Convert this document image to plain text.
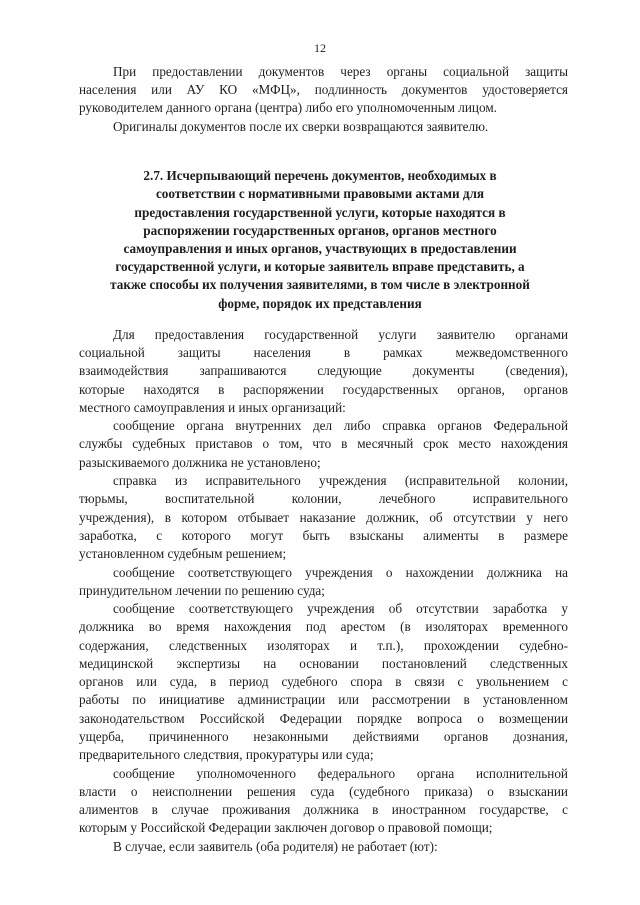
12
При предоставлении документов через органы социальной защиты
населения или АУ КО «МФЦ», подлинность документов удостоверяется
руководителем данного органа (центра) либо его уполномоченным лицом.
Оригиналы документов после их сверки возвращаются заявителю.
2.7. Исчерпывающий перечень документов, необходимых в
соответствии с нормативными правовыми актами для
предоставления государственной услуги, которые находятся в
распоряжении государственных органов, органов местного
самоуправления и иных органов, участвующих в предоставлении
государственной услуги, и которые заявитель вправе представить, а
также способы их получения заявителями, в том числе в электронной
форме, порядок их представления
Для предоставления государственной услуги заявителю органами
социальной защиты населения в рамках межведомственного
взаимодействия запрашиваются следующие документы (сведения),
которые находятся в распоряжении государственных органов, органов
местного самоуправления и иных организаций:
сообщение органа внутренних дел либо справка органов Федеральной
службы судебных приставов о том, что в месячный срок место нахождения
разыскиваемого должника не установлено;
справка из исправительного учреждения (исправительной колонии,
тюрьмы, воспитательной колонии, лечебного исправительного
учреждения), в котором отбывает наказание должник, об отсутствии у него
заработка, с которого могут быть взысканы алименты в размере
установленном судебным решением;
сообщение соответствующего учреждения о нахождении должника на
принудительном лечении по решению суда;
сообщение соответствующего учреждения об отсутствии заработка у
должника во время нахождения под арестом (в изоляторах временного
содержания, следственных изоляторах и т.п.), прохождении судебно-
медицинской экспертизы на основании постановлений следственных
органов или суда, в период судебного спора в связи с увольнением с
работы по инициативе администрации или рассмотрении в установленном
законодательством Российской Федерации порядке вопроса о возмещении
ущерба, причиненного незаконными действиями органов дознания,
предварительного следствия, прокуратуры или суда;
сообщение уполномоченного федерального органа исполнительной
власти о неисполнении решения суда (судебного приказа) о взыскании
алиментов в случае проживания должника в иностранном государстве, с
которым у Российской Федерации заключен договор о правовой помощи;
В случае, если заявитель (оба родителя) не работает (ют):
